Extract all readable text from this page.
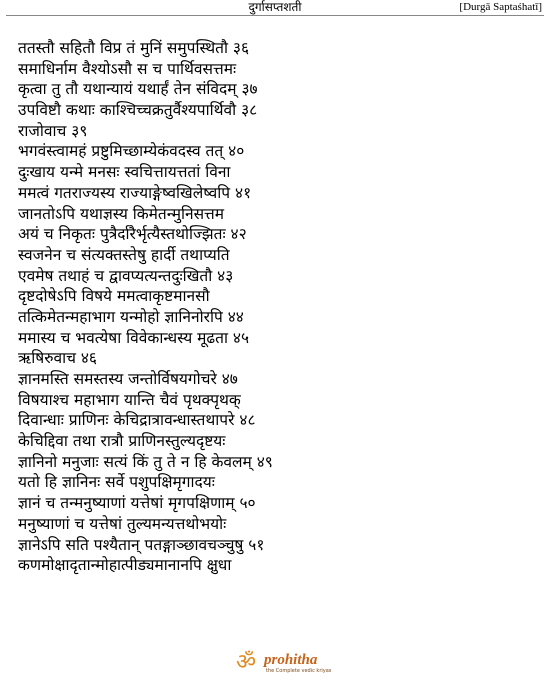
दुर्गासप्तशती	[Durgā Saptaśhatī]
ततस्तौ सहितौ विप्र तं मुनिं समुपस्थितौ ३६
समाधिर्नाम वैश्योऽसौ स च पार्थिवसत्तमः
कृत्वा तु तौ यथान्यायं यथार्हं तेन संविदम् ३७
उपविष्टौ कथाः काश्चिच्चक्रतुर्वैश्यपार्थिवौ ३८
राजोवाच ३९
भगवंस्त्वामहं प्रष्टुमिच्छाम्येकंवदस्व तत् ४०
दुःखाय यन्मे मनसः स्वचित्तायत्ततां विना
ममत्वं गतराज्यस्य राज्याङ्गेष्वखिलेष्वपि ४१
जानतोऽपि यथाज्ञस्य किमेतन्मुनिसत्तम
अयं च निकृतः पुत्रैर्दारैर्भृत्यैस्तथोज्झितः ४२
स्वजनेन च संत्यक्तस्तेषु हार्दी तथाप्यति
एवमेष तथाहं च द्वावप्यत्यन्तदुःखितौ ४३
दृष्टदोषेऽपि विषये ममत्वाकृष्टमानसौ
तत्किमेतन्महाभाग यन्मोहो ज्ञानिनोरपि ४४
ममास्य च भवत्येषा विवेकान्धस्य मूढता ४५
ऋषिरुवाच ४६
ज्ञानमस्ति समस्तस्य जन्तोर्विषयगोचरे ४७
विषयाश्च महाभाग यान्ति चैवं पृथक्पृथक्
दिवान्धाः प्राणिनः केचिद्रात्रावन्धास्तथापरे ४८
केचिद्दिवा तथा रात्रौ प्राणिनस्तुल्यदृष्टयः
ज्ञानिनो मनुजाः सत्यं किं तु ते न हि केवलम् ४९
यतो हि ज्ञानिनः सर्वे पशुपक्षिमृगादयः
ज्ञानं च तन्मनुष्याणां यत्तेषां मृगपक्षिणाम् ५०
मनुष्याणां च यत्तेषां तुल्यमन्यत्तथोभयोः
ज्ञानेऽपि सति पश्यैतान् पतङ्गाञ्छावचञ्चुषु ५१
कणमोक्षादृतान्मोहात्पीड्यमानानपि क्षुधा
ॐ prohitha
the Complete vedic kriyas
